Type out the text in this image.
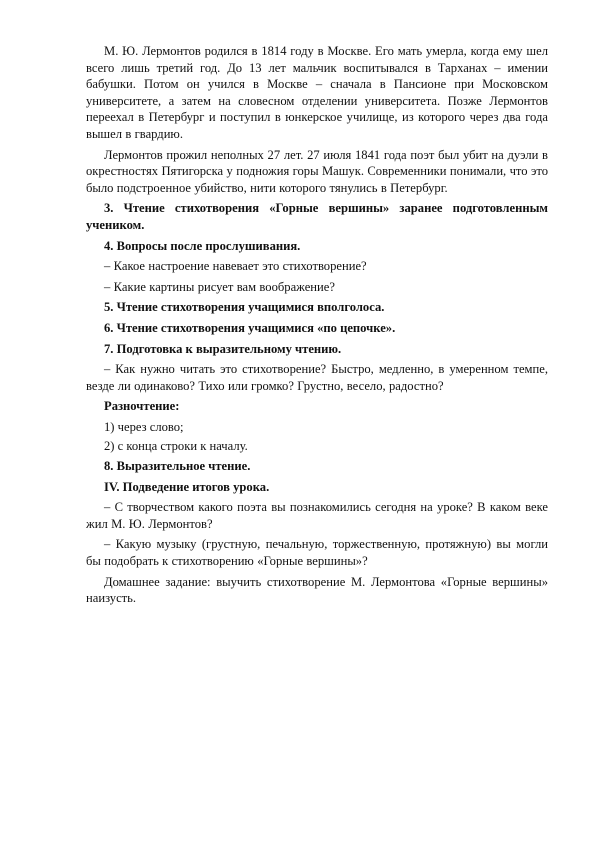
М. Ю. Лермонтов родился в 1814 году в Москве. Его мать умерла, когда ему шел всего лишь третий год. До 13 лет мальчик воспитывался в Тарханах – имении бабушки. Потом он учился в Москве – сначала в Пансионе при Московском университете, а затем на словесном отделении университета. Позже Лермонтов переехал в Петербург и поступил в юнкерское училище, из которого через два года вышел в гвардию.

Лермонтов прожил неполных 27 лет. 27 июля 1841 года поэт был убит на дуэли в окрестностях Пятигорска у подножия горы Машук. Современники понимали, что это было подстроенное убийство, нити которого тянулись в Петербург.

3. Чтение стихотворения «Горные вершины» заранее подготовленным учеником.

4. Вопросы после прослушивания.

– Какое настроение навевает это стихотворение?

– Какие картины рисует вам воображение?

5. Чтение стихотворения учащимися вполголоса.

6. Чтение стихотворения учащимися «по цепочке».

7. Подготовка к выразительному чтению.

– Как нужно читать это стихотворение? Быстро, медленно, в умеренном темпе, везде ли одинаково? Тихо или громко? Грустно, весело, радостно?

Разночтение:

1) через слово;

2) с конца строки к началу.

8. Выразительное чтение.

IV. Подведение итогов урока.

– С творчеством какого поэта вы познакомились сегодня на уроке? В каком веке жил М. Ю. Лермонтов?

– Какую музыку (грустную, печальную, торжественную, протяжную) вы могли бы подобрать к стихотворению «Горные вершины»?

Домашнее задание: выучить стихотворение М. Лермонтова «Горные вершины» наизусть.
